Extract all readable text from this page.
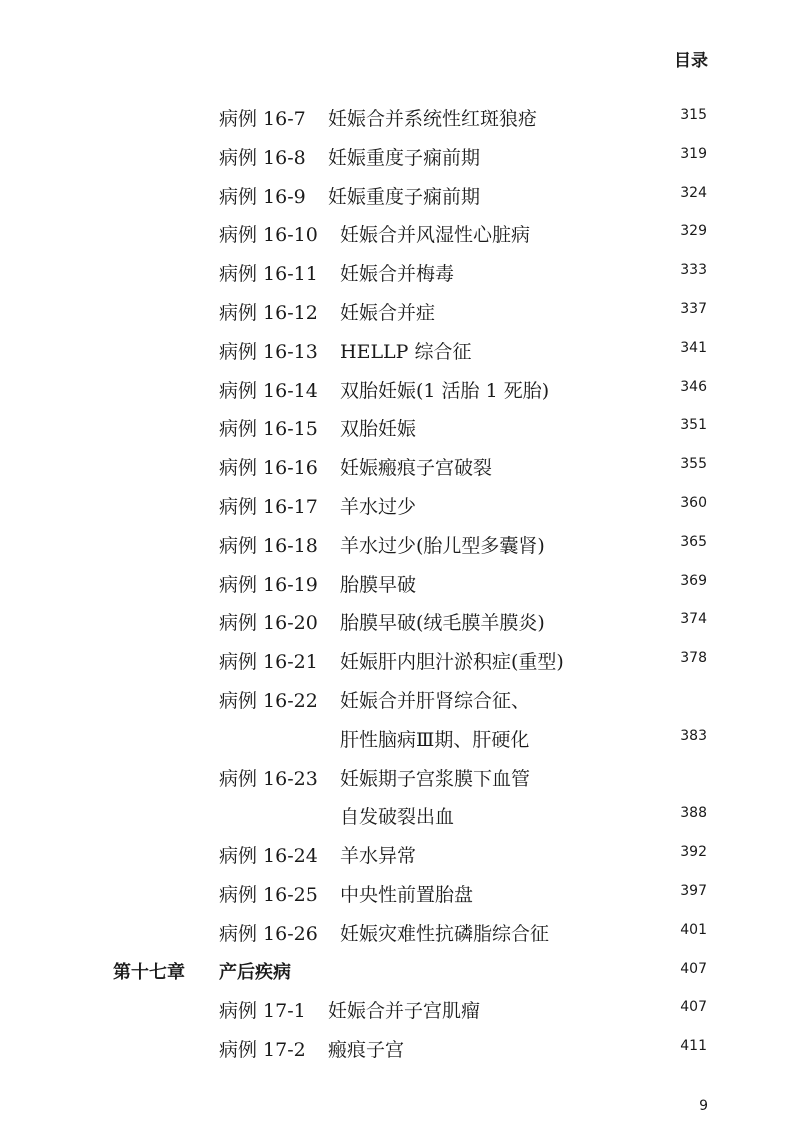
目录
病例 16-7 妊娠合并系统性红斑狼疮	315
病例 16-8 妊娠重度子痫前期	319
病例 16-9 妊娠重度子痫前期	324
病例 16-10 妊娠合并风湿性心脏病	329
病例 16-11 妊娠合并梅毒	333
病例 16-12 妊娠合并症	337
病例 16-13 HELLP 综合征	341
病例 16-14 双胎妊娠(1 活胎 1 死胎)	346
病例 16-15 双胎妊娠	351
病例 16-16 妊娠瘢痕子宫破裂	355
病例 16-17 羊水过少	360
病例 16-18 羊水过少(胎儿型多囊肾)	365
病例 16-19 胎膜早破	369
病例 16-20 胎膜早破(绒毛膜羊膜炎)	374
病例 16-21 妊娠肝内胆汁淤积症(重型)	378
病例 16-22 妊娠合并肝肾综合征、
肝性脑病Ⅲ期、肝硬化	383
病例 16-23 妊娠期子宫浆膜下血管
自发破裂出血	388
病例 16-24 羊水异常	392
病例 16-25 中央性前置胎盘	397
病例 16-26 妊娠灾难性抗磷脂综合征	401
第十七章 产后疾病	407
病例 17-1 妊娠合并子宫肌瘤	407
病例 17-2 瘢痕子宫	411
9
